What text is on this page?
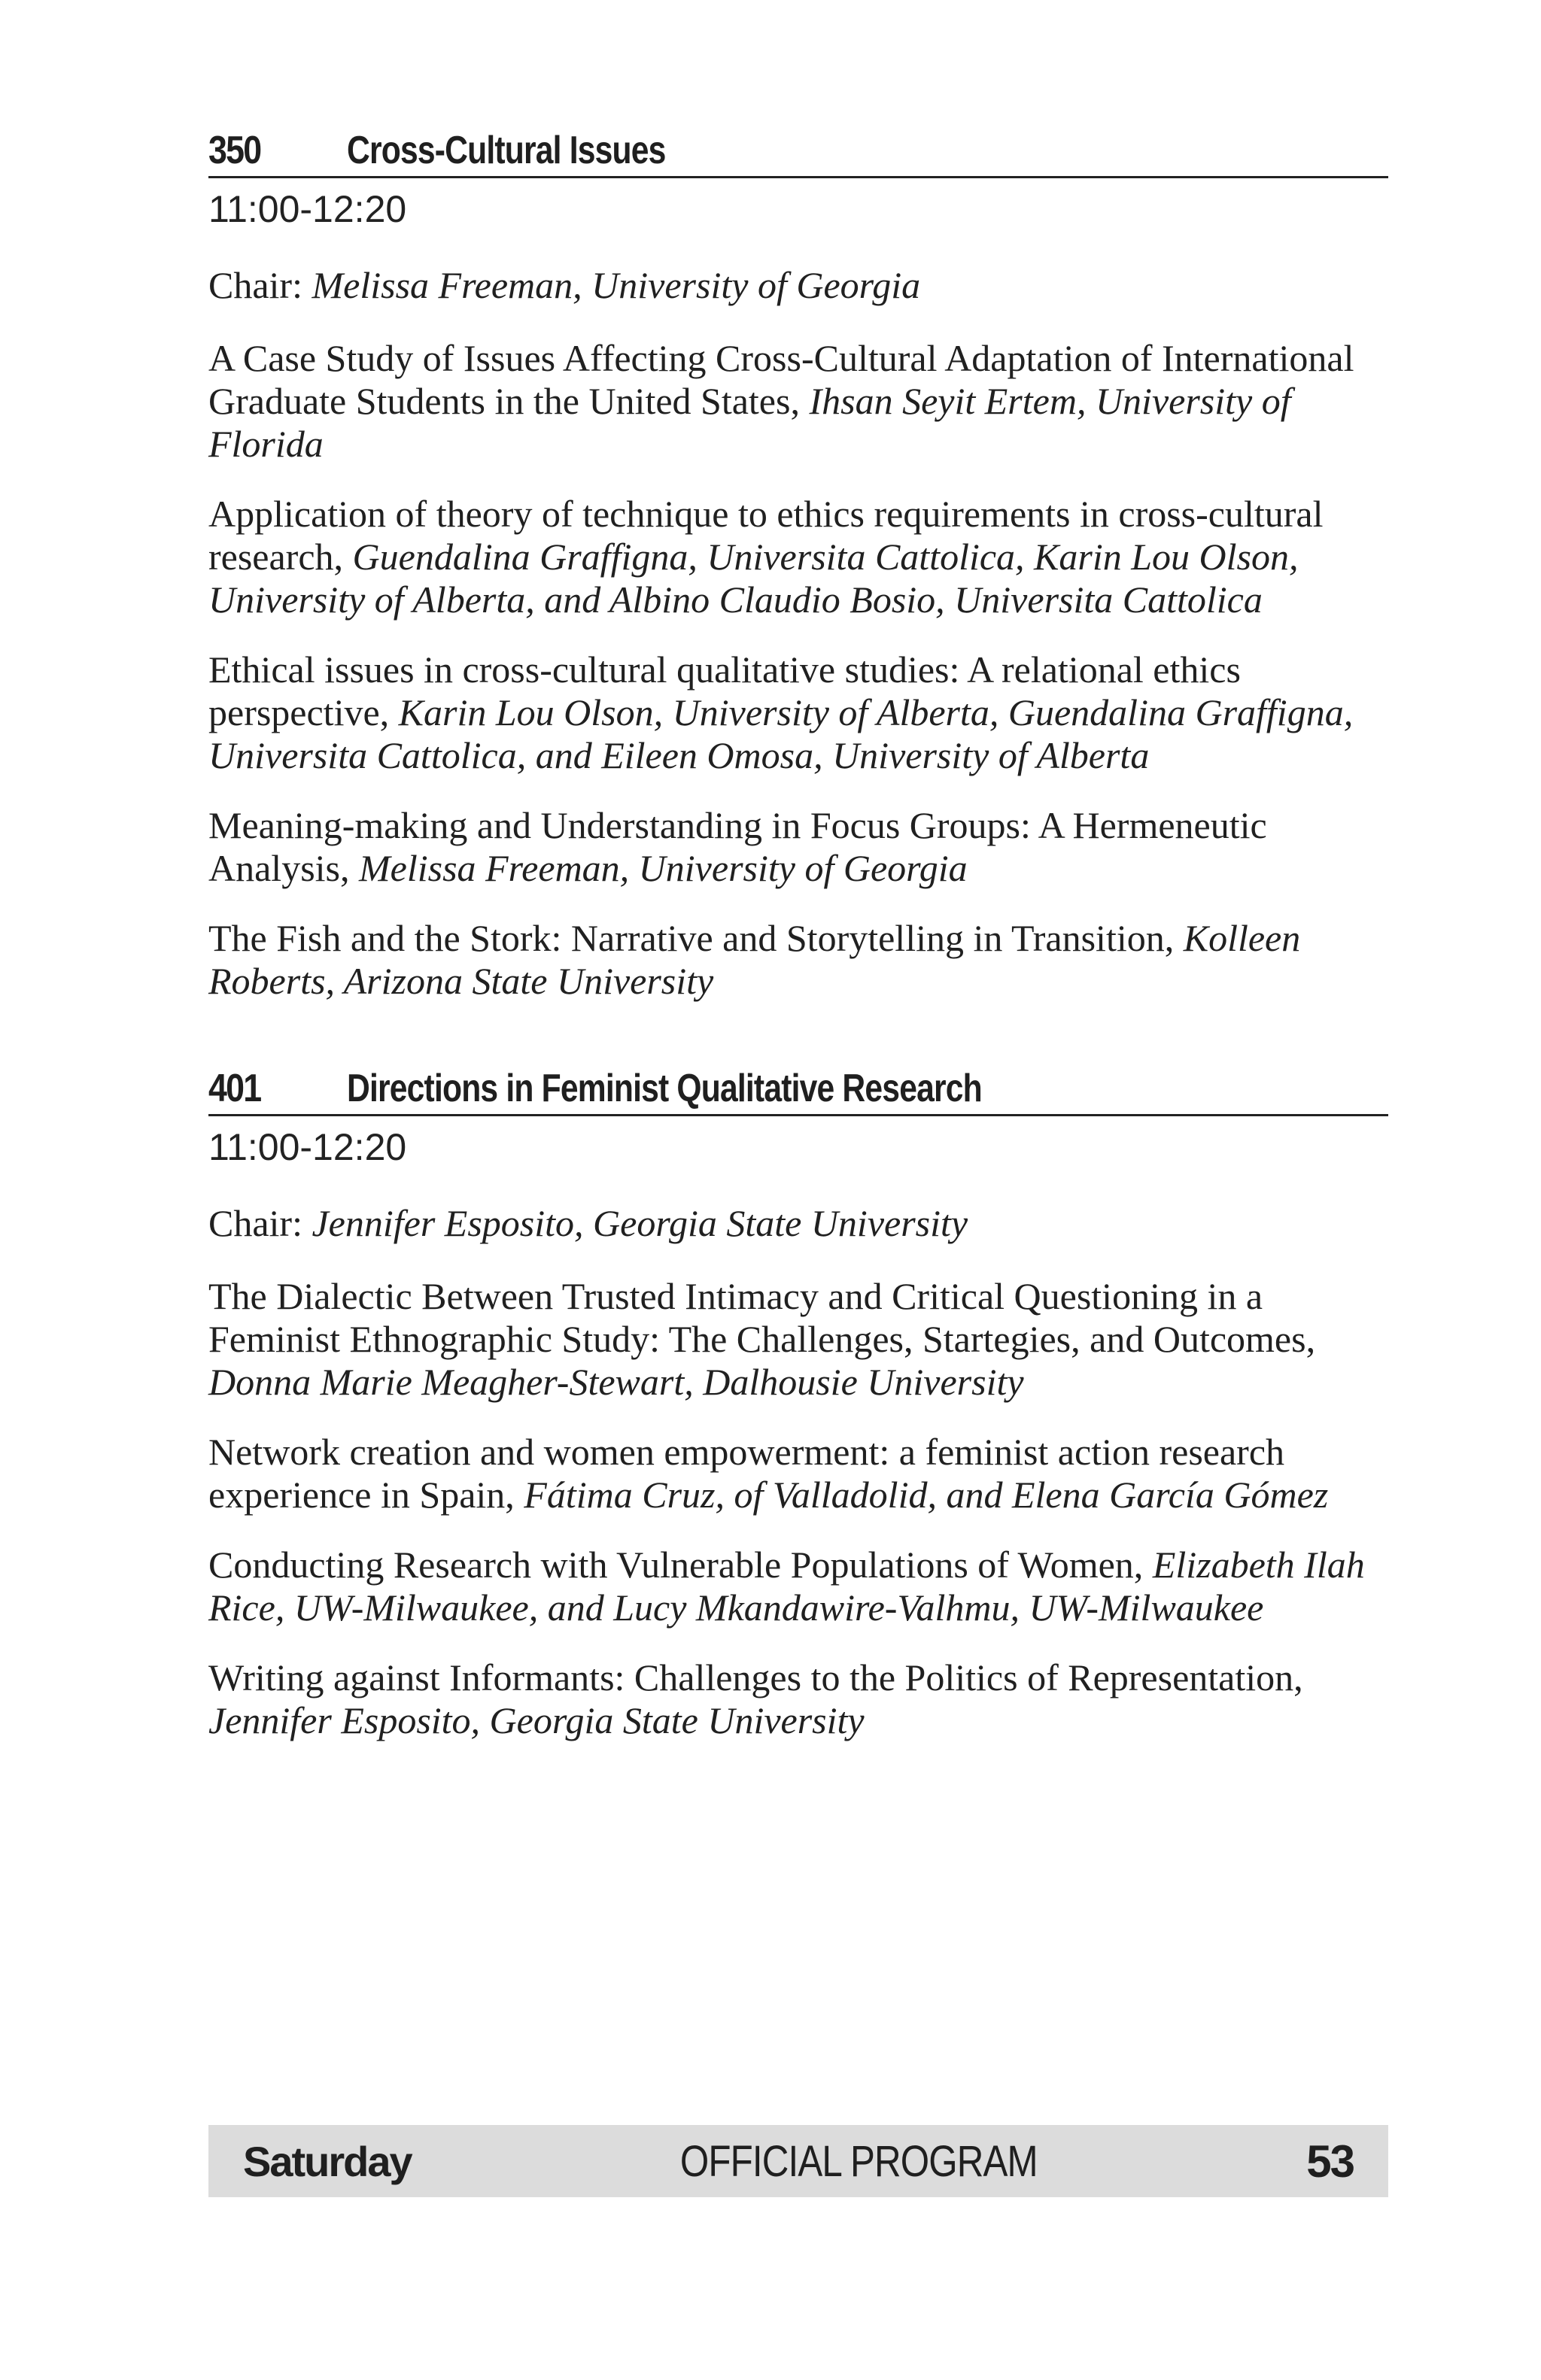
350	Cross-Cultural Issues
11:00-12:20

Chair: Melissa Freeman, University of Georgia

A Case Study of Issues Affecting Cross-Cultural Adaptation of International Graduate Students in the United States, Ihsan Seyit Ertem, University of Florida

Application of theory of technique to ethics requirements in cross-cultural research, Guendalina Graffigna, Universita Cattolica, Karin Lou Olson, University of Alberta, and Albino Claudio Bosio, Universita Cattolica

Ethical issues in cross-cultural qualitative studies: A relational ethics perspective, Karin Lou Olson, University of Alberta, Guendalina Graffigna, Universita Cattolica, and Eileen Omosa, University of Alberta

Meaning-making and Understanding in Focus Groups: A Hermeneutic Analysis, Melissa Freeman, University of Georgia

The Fish and the Stork: Narrative and Storytelling in Transition, Kolleen Roberts, Arizona State University

401	Directions in Feminist Qualitative Research
11:00-12:20

Chair: Jennifer Esposito, Georgia State University

The Dialectic Between Trusted Intimacy and Critical Questioning in a Feminist Ethnographic Study: The Challenges, Startegies, and Outcomes, Donna Marie Meagher-Stewart, Dalhousie University

Network creation and women empowerment: a feminist action research experience in Spain, Fátima Cruz, of Valladolid, and Elena García Gómez

Conducting Research with Vulnerable Populations of Women, Elizabeth Ilah Rice, UW-Milwaukee, and Lucy Mkandawire-Valhmu, UW-Milwaukee

Writing against Informants: Challenges to the Politics of Representation, Jennifer Esposito, Georgia State University

Saturday	OFFICIAL PROGRAM	53
